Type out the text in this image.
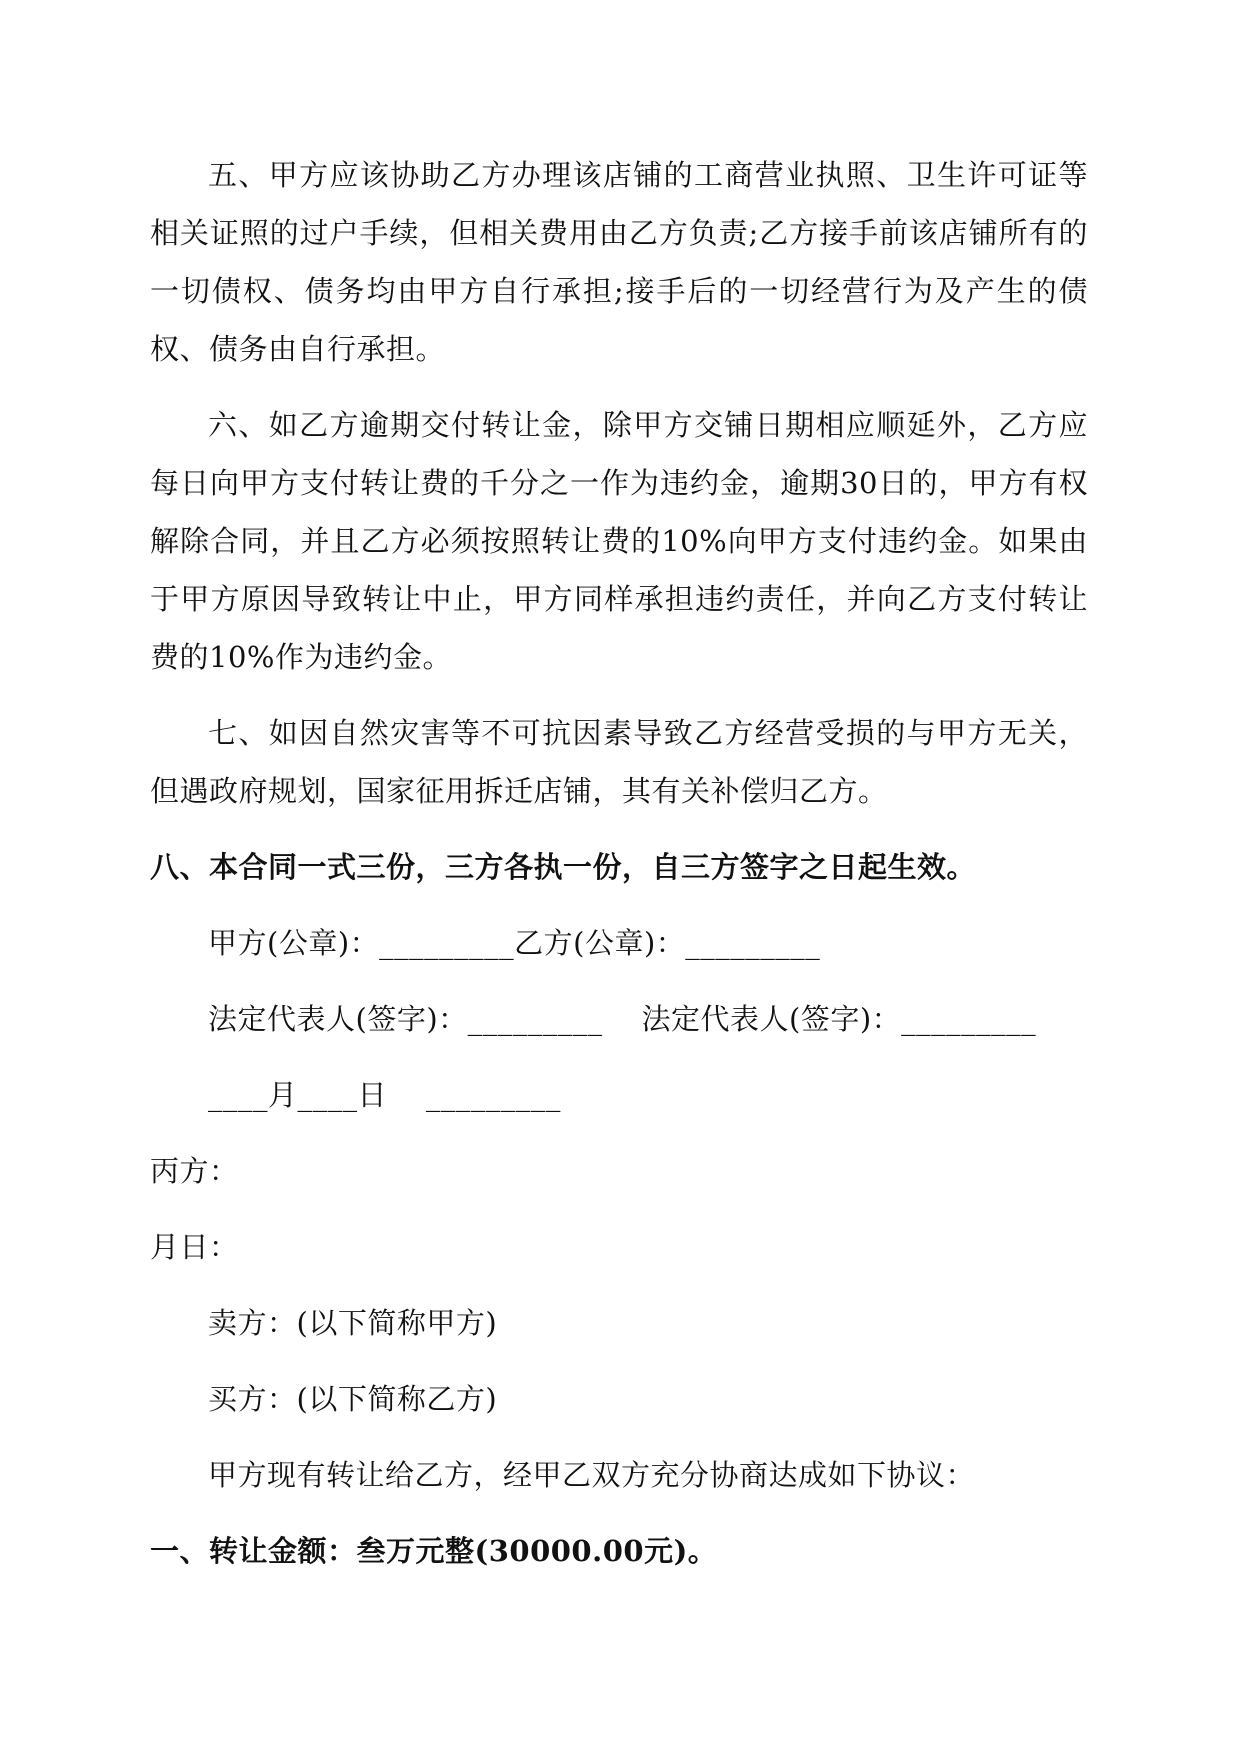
五、甲方应该协助乙方办理该店铺的工商营业执照、卫生许可证等相关证照的过户手续，但相关费用由乙方负责;乙方接手前该店铺所有的一切债权、债务均由甲方自行承担;接手后的一切经营行为及产生的债权、债务由自行承担。

六、如乙方逾期交付转让金，除甲方交铺日期相应顺延外，乙方应每日向甲方支付转让费的千分之一作为违约金，逾期30日的，甲方有权解除合同，并且乙方必须按照转让费的10%向甲方支付违约金。如果由于甲方原因导致转让中止，甲方同样承担违约责任，并向乙方支付转让费的10%作为违约金。

七、如因自然灾害等不可抗因素导致乙方经营受损的与甲方无关，但遇政府规划，国家征用拆迁店铺，其有关补偿归乙方。

八、本合同一式三份，三方各执一份，自三方签字之日起生效。

甲方(公章)：_________乙方(公章)：_________

法定代表人(签字)：_________    法定代表人(签字)：_________

____月____日    _________

丙方：

月日：

卖方：(以下简称甲方)

买方：(以下简称乙方)

甲方现有转让给乙方，经甲乙双方充分协商达成如下协议：

一、转让金额：叁万元整(30000.00元)。
